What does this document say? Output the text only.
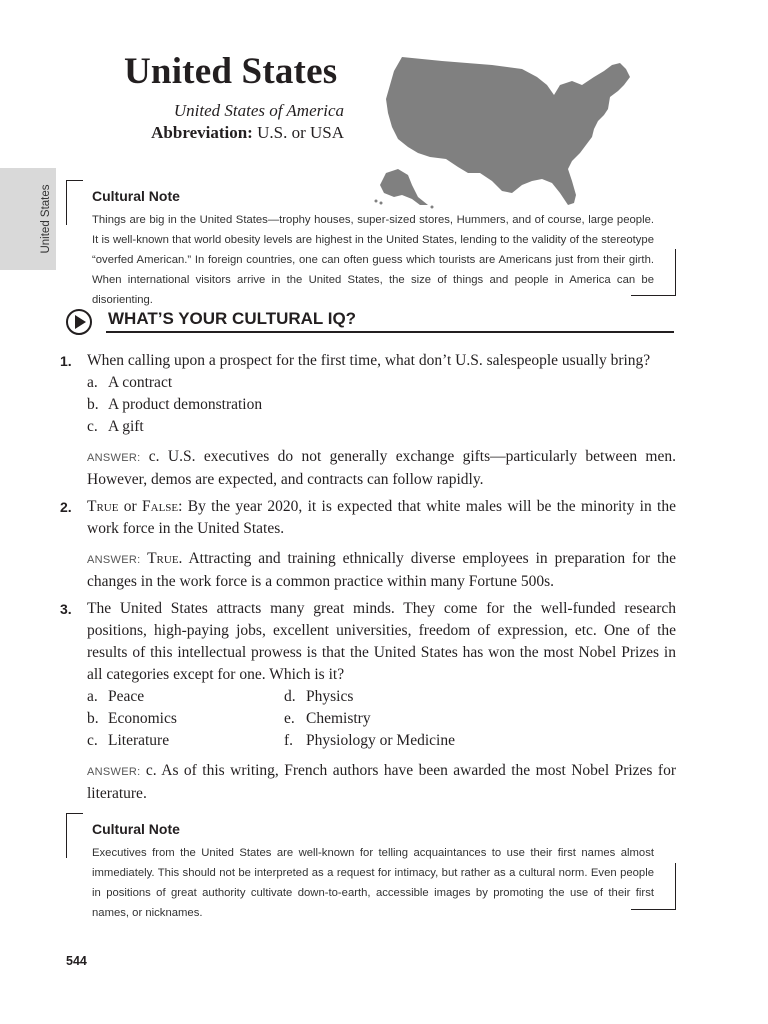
United States
United States
United States of America
Abbreviation: U.S. or USA
Cultural Note
Things are big in the United States—trophy houses, super-sized stores, Hummers, and of course, large people. It is well-known that world obesity levels are highest in the United States, lending to the validity of the stereotype “overfed American.” In foreign countries, one can often guess which tourists are Americans just from their girth. When international visitors arrive in the United States, the size of things and people in America can be disorienting.
WHAT’S YOUR CULTURAL IQ?
1. When calling upon a prospect for the first time, what don’t U.S. salespeople usually bring?
a. A contract
b. A product demonstration
c. A gift
ANSWER: c. U.S. executives do not generally exchange gifts—particularly between men. However, demos are expected, and contracts can follow rapidly.
2. True or False: By the year 2020, it is expected that white males will be the minority in the work force in the United States.
ANSWER: True. Attracting and training ethnically diverse employees in preparation for the changes in the work force is a common practice within many Fortune 500s.
3. The United States attracts many great minds. They come for the well-funded research positions, high-paying jobs, excellent universities, freedom of expression, etc. One of the results of this intellectual prowess is that the United States has won the most Nobel Prizes in all categories except for one. Which is it?
a. Peace	d. Physics
b. Economics	e. Chemistry
c. Literature	f. Physiology or Medicine
ANSWER: c. As of this writing, French authors have been awarded the most Nobel Prizes for literature.
Cultural Note
Executives from the United States are well-known for telling acquaintances to use their first names almost immediately. This should not be interpreted as a request for intimacy, but rather as a cultural norm. Even people in positions of great authority cultivate down-to-earth, accessible images by promoting the use of their first names, or nicknames.
544
